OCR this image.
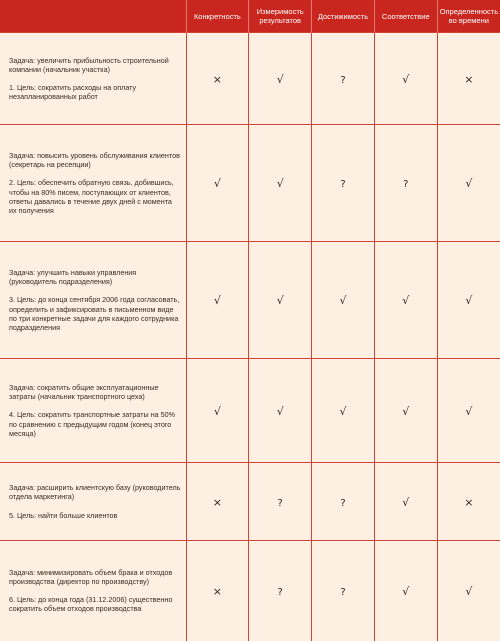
	Конкретность	Измеримость результатов	Достижимость	Соответствие	Определенность во времени

Задача: увеличить прибыльность строительной компании (начальник участка)
1. Цель: сократить расходы на оплату незапланированных работ	×	√	?	√	×

Задача: повысить уровень обслуживания клиентов (секретарь на ресепции)
2. Цель: обеспечить обратную связь, добившись, чтобы на 80% писем, поступающих от клиентов, ответы давались в течение двух дней с момента их получения	√	√	?	?	√

Задача: улучшить навыки управления (руководитель подразделения)
3. Цель: до конца сентября 2006 года согласовать, определить и зафиксировать в письменном виде по три конкретные задачи для каждого сотрудника подразделения	√	√	√	√	√

Задача: сократить общие эксплуатационные затраты (начальник транспортного цеха)
4. Цель: сократить транспортные затраты на 50% по сравнению с предыдущим годом (конец этого месяца)	√	√	√	√	√

Задача: расширить клиентскую базу (руководитель отдела маркетинга)
5. Цель: найти больше клиентов	×	?	?	√	×

Задача: минимизировать объем брака и отходов производства (директор по производству)
6. Цель: до конца года (31.12.2006) существенно сократить объем отходов производства	×	?	?	√	√
